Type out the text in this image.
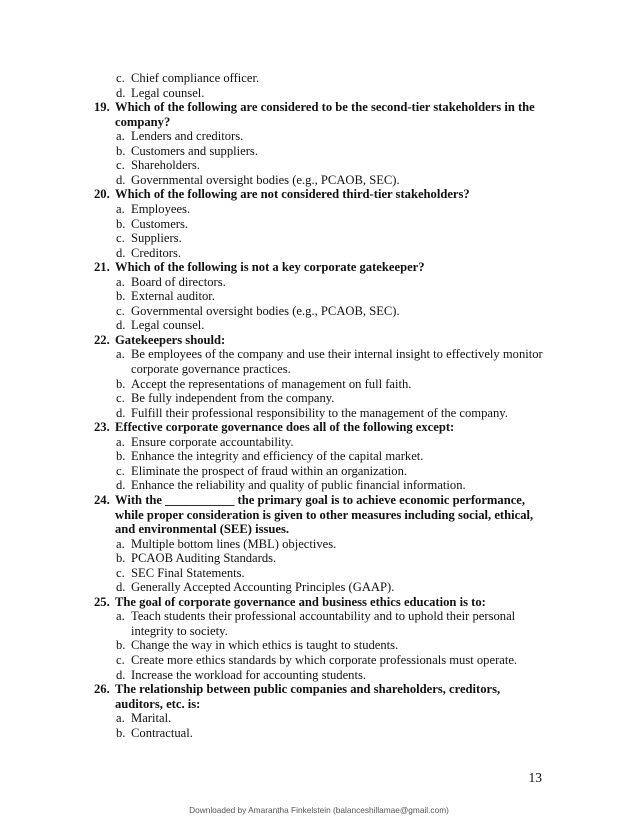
c. Chief compliance officer.
d. Legal counsel.
19. Which of the following are considered to be the second-tier stakeholders in the
company?
a. Lenders and creditors.
b. Customers and suppliers.
c. Shareholders.
d. Governmental oversight bodies (e.g., PCAOB, SEC).
20. Which of the following are not considered third-tier stakeholders?
a. Employees.
b. Customers.
c. Suppliers.
d. Creditors.
21. Which of the following is not a key corporate gatekeeper?
a. Board of directors.
b. External auditor.
c. Governmental oversight bodies (e.g., PCAOB, SEC).
d. Legal counsel.
22. Gatekeepers should:
a. Be employees of the company and use their internal insight to effectively monitor
corporate governance practices.
b. Accept the representations of management on full faith.
c. Be fully independent from the company.
d. Fulfill their professional responsibility to the management of the company.
23. Effective corporate governance does all of the following except:
a. Ensure corporate accountability.
b. Enhance the integrity and efficiency of the capital market.
c. Eliminate the prospect of fraud within an organization.
d. Enhance the reliability and quality of public financial information.
24. With the ___________ the primary goal is to achieve economic performance,
while proper consideration is given to other measures including social, ethical,
and environmental (SEE) issues.
a. Multiple bottom lines (MBL) objectives.
b. PCAOB Auditing Standards.
c. SEC Final Statements.
d. Generally Accepted Accounting Principles (GAAP).
25. The goal of corporate governance and business ethics education is to:
a. Teach students their professional accountability and to uphold their personal
integrity to society.
b. Change the way in which ethics is taught to students.
c. Create more ethics standards by which corporate professionals must operate.
d. Increase the workload for accounting students.
26. The relationship between public companies and shareholders, creditors,
auditors, etc. is:
a. Marital.
b. Contractual.
13
Downloaded by Amarantha Finkelstein (balanceshillamae@gmail.com)
